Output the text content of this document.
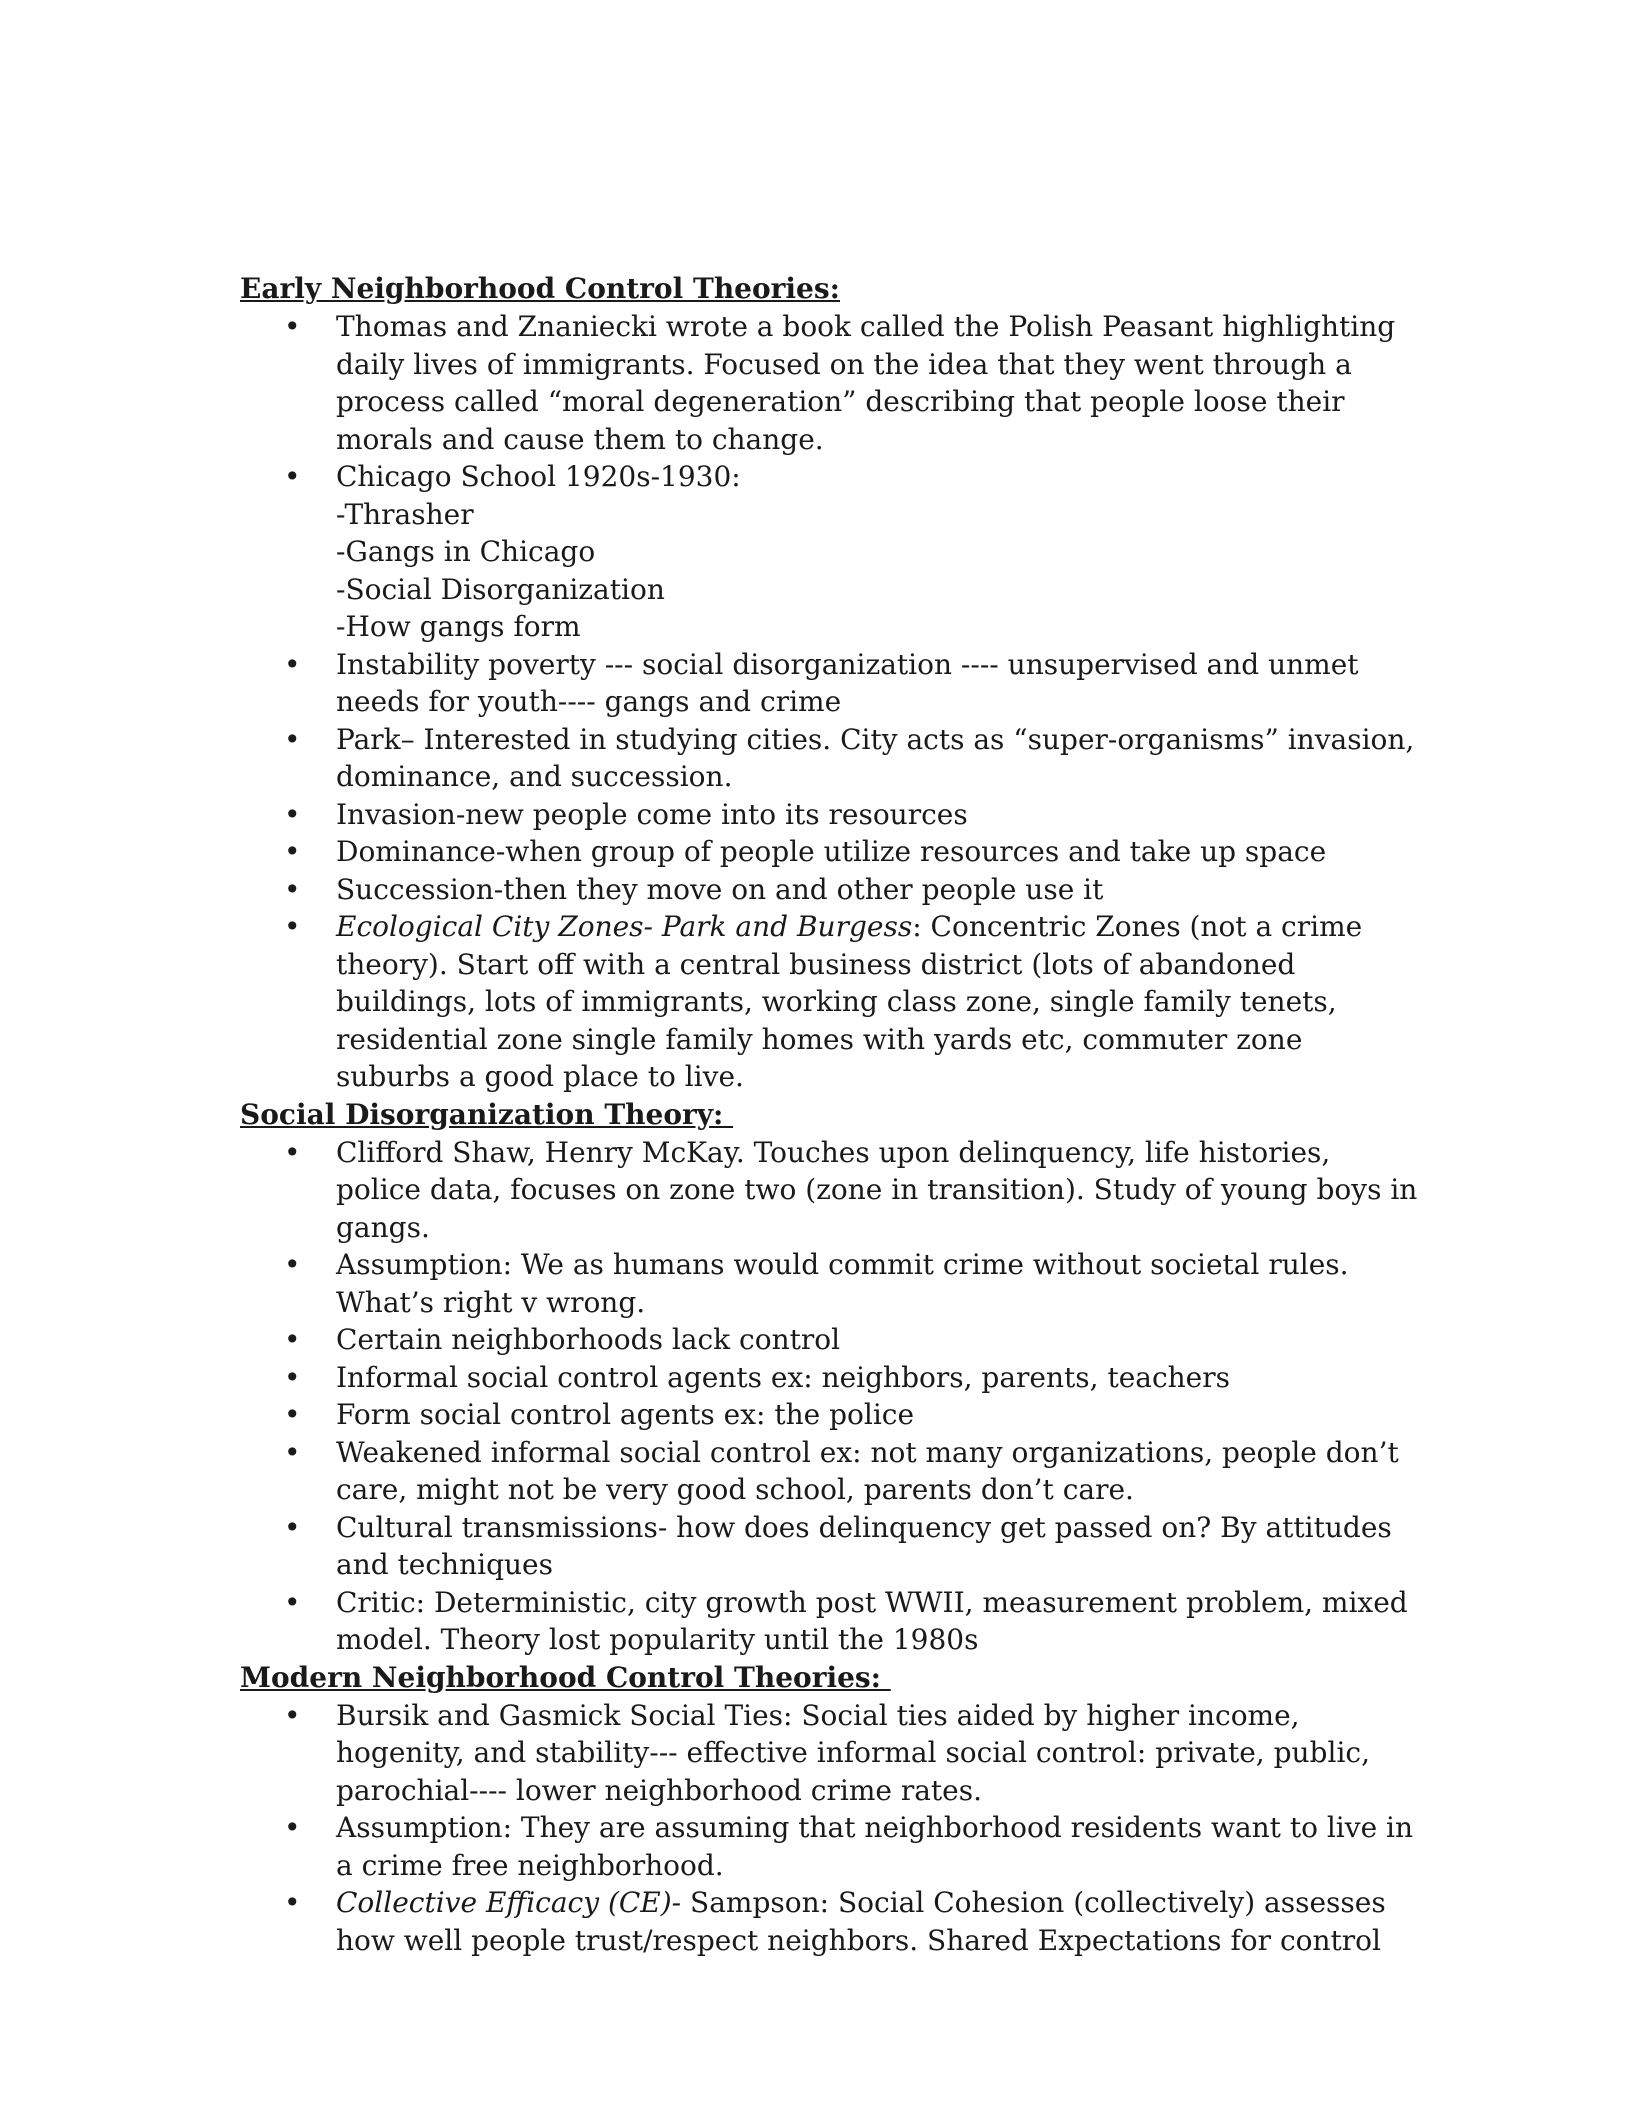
Early Neighborhood Control Theories:

• Thomas and Znaniecki wrote a book called the Polish Peasant highlighting daily lives of immigrants. Focused on the idea that they went through a process called “moral degeneration” describing that people loose their morals and cause them to change.
• Chicago School 1920s-1930:
-Thrasher
-Gangs in Chicago
-Social Disorganization
-How gangs form
• Instability poverty --- social disorganization ---- unsupervised and unmet needs for youth---- gangs and crime
• Park– Interested in studying cities. City acts as “super-organisms” invasion, dominance, and succession.
• Invasion-new people come into its resources
• Dominance-when group of people utilize resources and take up space
• Succession-then they move on and other people use it
• Ecological City Zones- Park and Burgess: Concentric Zones (not a crime theory). Start off with a central business district (lots of abandoned buildings, lots of immigrants, working class zone, single family tenets, residential zone single family homes with yards etc, commuter zone suburbs a good place to live.

Social Disorganization Theory:

• Clifford Shaw, Henry McKay. Touches upon delinquency, life histories, police data, focuses on zone two (zone in transition). Study of young boys in gangs.
• Assumption: We as humans would commit crime without societal rules. What’s right v wrong.
• Certain neighborhoods lack control
• Informal social control agents ex: neighbors, parents, teachers
• Form social control agents ex: the police
• Weakened informal social control ex: not many organizations, people don’t care, might not be very good school, parents don’t care.
• Cultural transmissions- how does delinquency get passed on? By attitudes and techniques
• Critic: Deterministic, city growth post WWII, measurement problem, mixed model. Theory lost popularity until the 1980s

Modern Neighborhood Control Theories:

• Bursik and Gasmick Social Ties: Social ties aided by higher income, hogenity, and stability--- effective informal social control: private, public, parochial---- lower neighborhood crime rates.
• Assumption: They are assuming that neighborhood residents want to live in a crime free neighborhood.
• Collective Efficacy (CE)- Sampson: Social Cohesion (collectively) assesses how well people trust/respect neighbors. Shared Expectations for control
